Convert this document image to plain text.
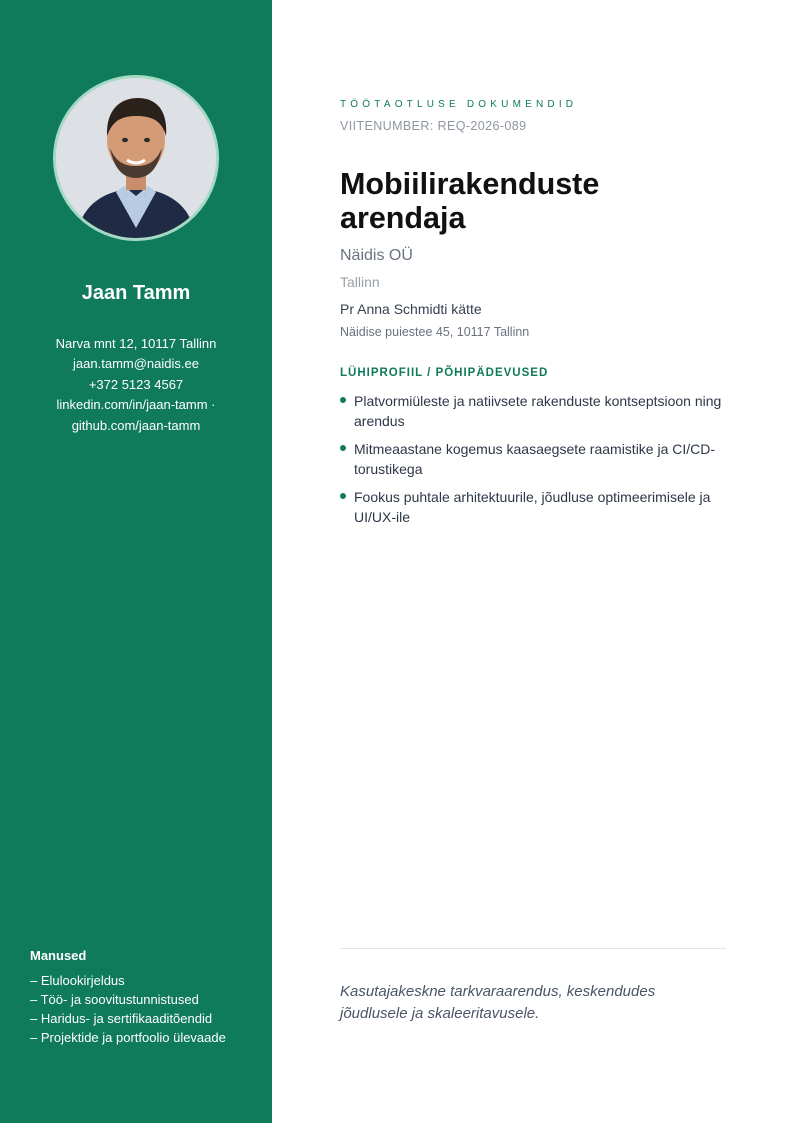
Jaan Tamm
Narva mnt 12, 10117 Tallinn
jaan.tamm@naidis.ee
+372 5123 4567
linkedin.com/in/jaan-tamm ·
github.com/jaan-tamm
Manused
– Elulookirjeldus
– Töö- ja soovitustunnistused
– Haridus- ja sertifikaaditõendid
– Projektide ja portfoolio ülevaade
TÖÖTAOTLUSE DOKUMENDID
VIITENUMBER: REQ-2026-089
Mobiilirakenduste arendaja
Näidis OÜ
Tallinn
Pr Anna Schmidti kätte
Näidise puiestee 45, 10117 Tallinn
LÜHIPROFIIL / PÕHIPÄDEVUSED
Platvormiüleste ja natiivsete rakenduste kontseptsioon ning arendus
Mitmeaastane kogemus kaasaegsete raamistike ja CI/CD-torustikega
Fookus puhtale arhitektuurile, jõudluse optimeerimisele ja UI/UX-ile
Kasutajakeskne tarkvaraarendus, keskendudes jõudlusele ja skaleeritavusele.
